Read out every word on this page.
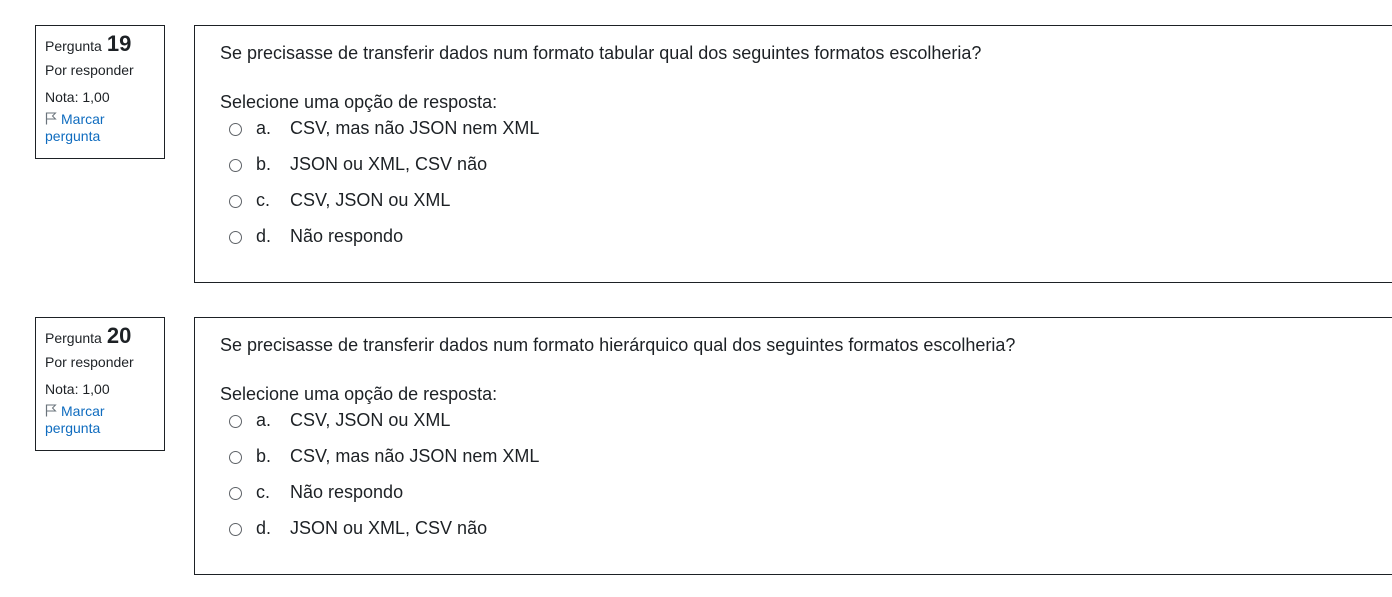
Pergunta 19
Por responder
Nota: 1,00
Marcar pergunta
Se precisasse de transferir dados num formato tabular qual dos seguintes formatos escolheria?
Selecione uma opção de resposta:
a.	CSV, mas não JSON nem XML
b.	JSON ou XML, CSV não
c.	CSV, JSON ou XML
d.	Não respondo
Pergunta 20
Por responder
Nota: 1,00
Marcar pergunta
Se precisasse de transferir dados num formato hierárquico qual dos seguintes formatos escolheria?
Selecione uma opção de resposta:
a.	CSV, JSON ou XML
b.	CSV, mas não JSON nem XML
c.	Não respondo
d.	JSON ou XML, CSV não
